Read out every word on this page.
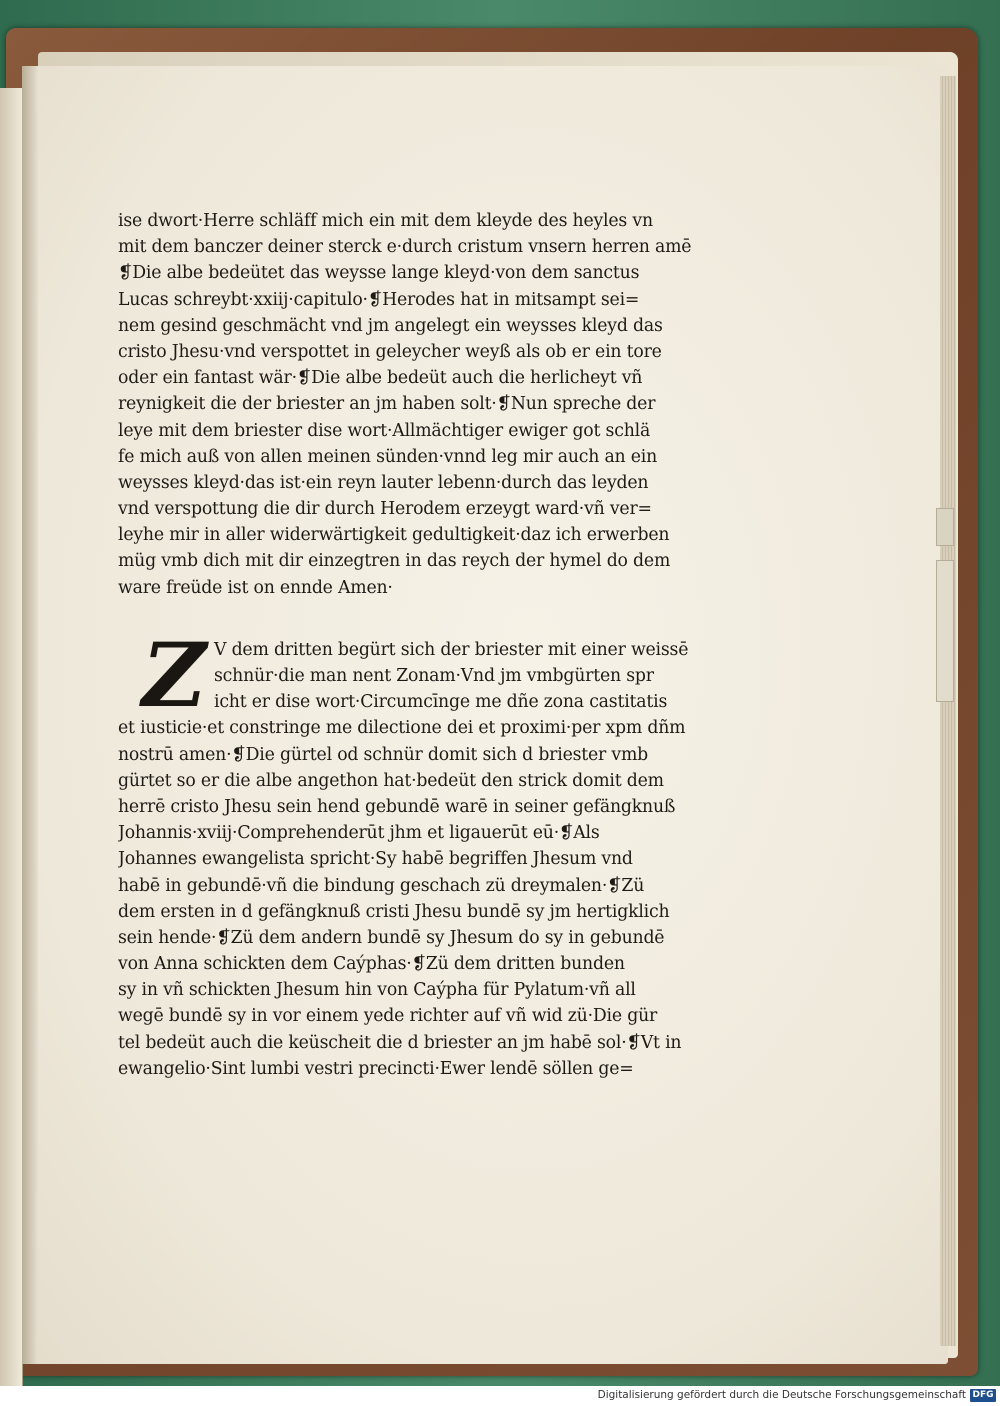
ise dwort·Herre schläff mich ein mit dem kleyde des heyles vn
mit dem banczer deiner sterck e·durch cristum vnsern herren amē
❡Die albe bedeütet das weysse lange kleyd·von dem sanctus
Lucas schreybt·xxiij·capitulo·❡Herodes hat in mitsampt sei=
nem gesind geschmächt vnd jm angelegt ein weysses kleyd das
cristo Jhesu·vnd verspottet in geleycher weyß als ob er ein tore
oder ein fantast wär·❡Die albe bedeüt auch die herlicheyt vñ
reynigkeit die der briester an jm haben solt·❡Nun spreche der
leye mit dem briester dise wort·Allmächtiger ewiger got schlä
fe mich auß von allen meinen sünden·vnnd leg mir auch an ein
weysses kleyd·das ist·ein reyn lauter lebenn·durch das leyden
vnd verspottung die dir durch Herodem erzeygt ward·vñ ver=
leyhe mir in aller widerwärtigkeit gedultigkeit·daz ich erwerben
müg vmb dich mit dir einzegtren in das reych der hymel do dem
ware freüde ist on ennde Amen·
Z V dem dritten begürt sich der briester mit einer weissē
schnür·die man nent Zonam·Vnd jm vmbgürten spr
icht er dise wort·Circumcīnge me dñe zona castitatis
et iusticie·et constringe me dilectione dei et proximi·per xpm dñm
nostrū amen·❡Die gürtel od schnür domit sich d briester vmb
gürtet so er die albe angethon hat·bedeüt den strick domit dem
herrē cristo Jhesu sein hend gebundē warē in seiner gefängknuß
Johannis·xviij·Comprehenderūt jhm et ligauerūt eū·❡Als
Johannes ewangelista spricht·Sy habē begriffen Jhesum vnd
habē in gebundē·vñ die bindung geschach zü dreymalen·❡Zü
dem ersten in d gefängknuß cristi Jhesu bundē sy jm hertigklich
sein hende·❡Zü dem andern bundē sy Jhesum do sy in gebundē
von Anna schickten dem Caýphas·❡Zü dem dritten bunden
sy in vñ schickten Jhesum hin von Caýpha für Pylatum·vñ all
wegē bundē sy in vor einem yede richter auf vñ wid zü·Die gür
tel bedeüt auch die keüscheit die d briester an jm habē sol·❡Vt in
ewangelio·Sint lumbi vestri precincti·Ewer lendē söllen ge=
Digitalisierung gefördert durch die Deutsche Forschungsgemeinschaft DFG
